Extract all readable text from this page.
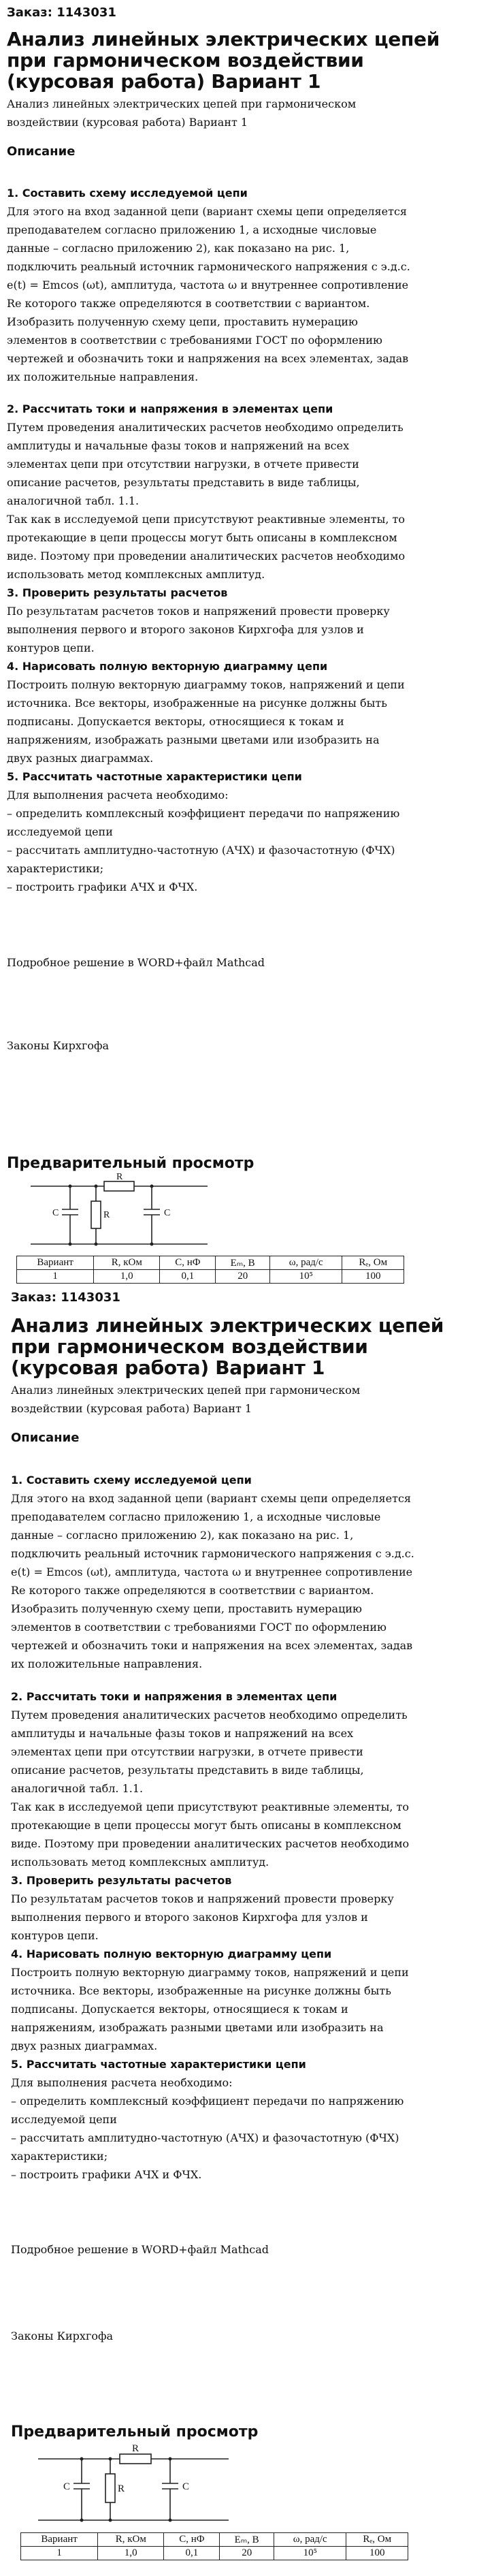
Заказ: 1143031

Анализ линейных электрических цепей при гармоническом воздействии (курсовая работа) Вариант 1

Анализ линейных электрических цепей при гармоническом воздействии (курсовая работа) Вариант 1

Описание

1. Составить схему исследуемой цепи

Для этого на вход заданной цепи (вариант схемы цепи определяется

преподавателем согласно приложению 1, а исходные числовые

данные – согласно приложению 2), как показано на рис. 1,

подключить реальный источник гармонического напряжения с э.д.с.

e(t) = Emcos (ωt), амплитуда, частота ω и внутреннее сопротивление

Re которого также определяются в соответствии с вариантом.

Изобразить полученную схему цепи, проставить нумерацию

элементов в соответствии с требованиями ГОСТ по оформлению

чертежей и обозначить токи и напряжения на всех элементах, задав

их положительные направления.

2. Рассчитать токи и напряжения в элементах цепи

Путем проведения аналитических расчетов необходимо определить

амплитуды и начальные фазы токов и напряжений на всех

элементах цепи при отсутствии нагрузки, в отчете привести

описание расчетов, результаты представить в виде таблицы,

аналогичной табл. 1.1.

Так как в исследуемой цепи присутствуют реактивные элементы, то

протекающие в цепи процессы могут быть описаны в комплексном

виде. Поэтому при проведении аналитических расчетов необходимо

использовать метод комплексных амплитуд.

3. Проверить результаты расчетов

По результатам расчетов токов и напряжений провести проверку

выполнения первого и второго законов Кирхгофа для узлов и

контуров цепи.

4. Нарисовать полную векторную диаграмму цепи

Построить полную векторную диаграмму токов, напряжений и цепи

источника. Все векторы, изображенные на рисунке должны быть

подписаны. Допускается векторы, относящиеся к токам и

напряжениям, изображать разными цветами или изобразить на

двух разных диаграммах.

5. Рассчитать частотные характеристики цепи

Для выполнения расчета необходимо:

– определить комплексный коэффициент передачи по напряжению

исследуемой цепи

– рассчитать амплитудно-частотную (АЧХ) и фазочастотную (ФЧХ)

характеристики;

– построить графики АЧХ и ФЧХ.

Подробное решение в WORD+файл Mathcad

Законы Кирхгофа

Предварительный просмотр
R
C	R	C
Вариант	R, кОм	C, нФ	Eₘ, В	ω, рад/с	Rₑ, Ом
1	1,0	0,1	20	10⁵	100

Заказ: 1143031

Анализ линейных электрических цепей при гармоническом воздействии (курсовая работа) Вариант 1

Анализ линейных электрических цепей при гармоническом воздействии (курсовая работа) Вариант 1

Описание

1. Составить схему исследуемой цепи

Для этого на вход заданной цепи (вариант схемы цепи определяется

преподавателем согласно приложению 1, а исходные числовые

данные – согласно приложению 2), как показано на рис. 1,

подключить реальный источник гармонического напряжения с э.д.с.

e(t) = Emcos (ωt), амплитуда, частота ω и внутреннее сопротивление

Re которого также определяются в соответствии с вариантом.

Изобразить полученную схему цепи, проставить нумерацию

элементов в соответствии с требованиями ГОСТ по оформлению

чертежей и обозначить токи и напряжения на всех элементах, задав

их положительные направления.

2. Рассчитать токи и напряжения в элементах цепи

Путем проведения аналитических расчетов необходимо определить

амплитуды и начальные фазы токов и напряжений на всех

элементах цепи при отсутствии нагрузки, в отчете привести

описание расчетов, результаты представить в виде таблицы,

аналогичной табл. 1.1.

Так как в исследуемой цепи присутствуют реактивные элементы, то

протекающие в цепи процессы могут быть описаны в комплексном

виде. Поэтому при проведении аналитических расчетов необходимо

использовать метод комплексных амплитуд.

3. Проверить результаты расчетов

По результатам расчетов токов и напряжений провести проверку

выполнения первого и второго законов Кирхгофа для узлов и

контуров цепи.

4. Нарисовать полную векторную диаграмму цепи

Построить полную векторную диаграмму токов, напряжений и цепи

источника. Все векторы, изображенные на рисунке должны быть

подписаны. Допускается векторы, относящиеся к токам и

напряжениям, изображать разными цветами или изобразить на

двух разных диаграммах.

5. Рассчитать частотные характеристики цепи

Для выполнения расчета необходимо:

– определить комплексный коэффициент передачи по напряжению

исследуемой цепи

– рассчитать амплитудно-частотную (АЧХ) и фазочастотную (ФЧХ)

характеристики;

– построить графики АЧХ и ФЧХ.

Подробное решение в WORD+файл Mathcad

Законы Кирхгофа

Предварительный просмотр
R
C	R	C
Вариант	R, кОм	C, нФ	Eₘ, В	ω, рад/с	Rₑ, Ом
1	1,0	0,1	20	10⁵	100
